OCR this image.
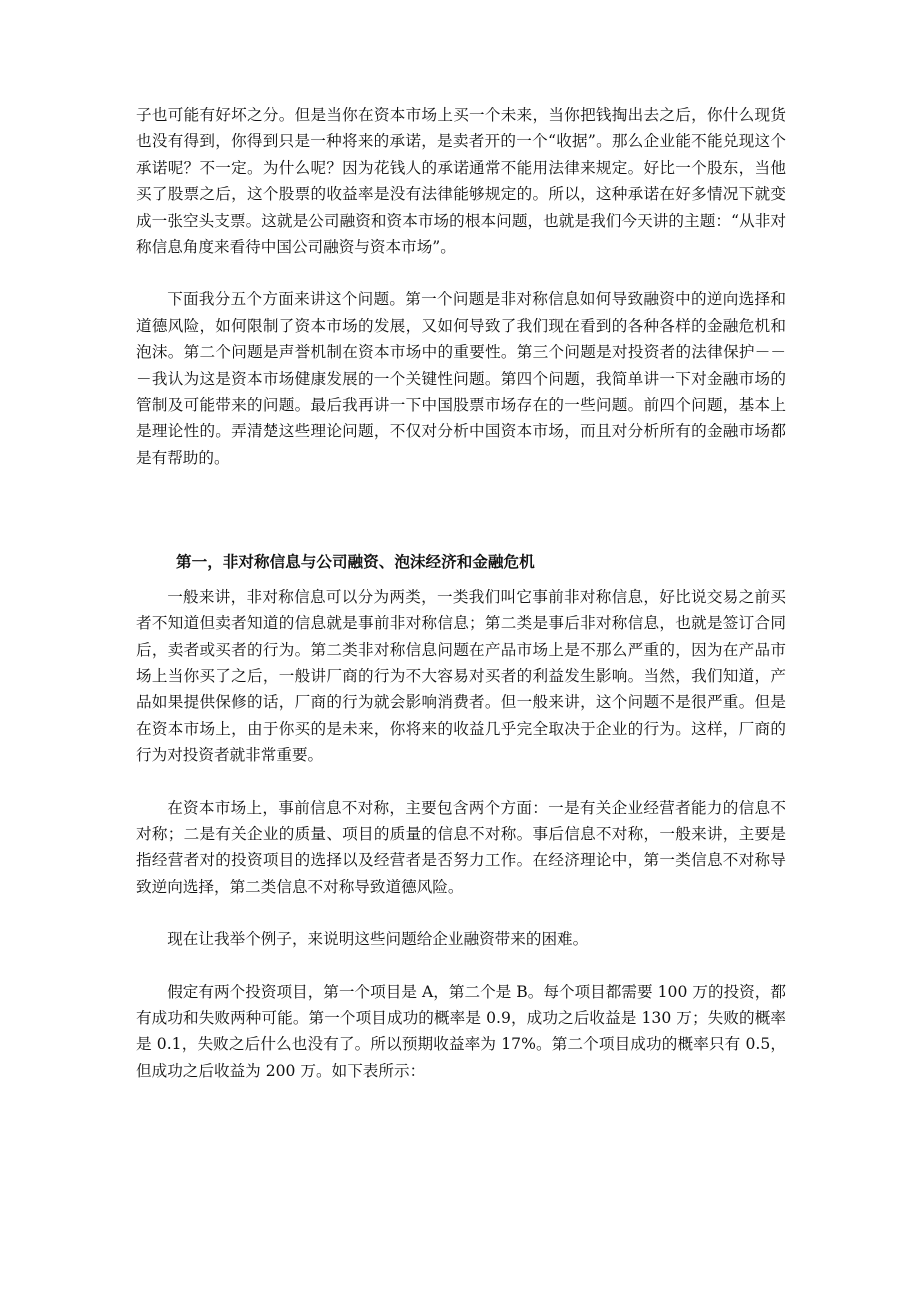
子也可能有好坏之分。但是当你在资本市场上买一个未来，当你把钱掏出去之后，你什么现货也没有得到，你得到只是一种将来的承诺，是卖者开的一个“收据”。那么企业能不能兑现这个承诺呢？不一定。为什么呢？因为花钱人的承诺通常不能用法律来规定。好比一个股东，当他买了股票之后，这个股票的收益率是没有法律能够规定的。所以，这种承诺在好多情况下就变成一张空头支票。这就是公司融资和资本市场的根本问题，也就是我们今天讲的主题：“从非对称信息角度来看待中国公司融资与资本市场”。

下面我分五个方面来讲这个问题。第一个问题是非对称信息如何导致融资中的逆向选择和道德风险，如何限制了资本市场的发展，又如何导致了我们现在看到的各种各样的金融危机和泡沫。第二个问题是声誉机制在资本市场中的重要性。第三个问题是对投资者的法律保护－－－我认为这是资本市场健康发展的一个关键性问题。第四个问题，我简单讲一下对金融市场的管制及可能带来的问题。最后我再讲一下中国股票市场存在的一些问题。前四个问题，基本上是理论性的。弄清楚这些理论问题，不仅对分析中国资本市场，而且对分析所有的金融市场都是有帮助的。

第一，非对称信息与公司融资、泡沫经济和金融危机

一般来讲，非对称信息可以分为两类，一类我们叫它事前非对称信息，好比说交易之前买者不知道但卖者知道的信息就是事前非对称信息；第二类是事后非对称信息，也就是签订合同后，卖者或买者的行为。第二类非对称信息问题在产品市场上是不那么严重的，因为在产品市场上当你买了之后，一般讲厂商的行为不大容易对买者的利益发生影响。当然，我们知道，产品如果提供保修的话，厂商的行为就会影响消费者。但一般来讲，这个问题不是很严重。但是在资本市场上，由于你买的是未来，你将来的收益几乎完全取决于企业的行为。这样，厂商的行为对投资者就非常重要。

在资本市场上，事前信息不对称，主要包含两个方面：一是有关企业经营者能力的信息不对称；二是有关企业的质量、项目的质量的信息不对称。事后信息不对称，一般来讲，主要是指经营者对的投资项目的选择以及经营者是否努力工作。在经济理论中，第一类信息不对称导致逆向选择，第二类信息不对称导致道德风险。

现在让我举个例子，来说明这些问题给企业融资带来的困难。

假定有两个投资项目，第一个项目是 A，第二个是 B。每个项目都需要 100 万的投资，都有成功和失败两种可能。第一个项目成功的概率是 0.9，成功之后收益是 130 万；失败的概率是 0.1，失败之后什么也没有了。所以预期收益率为 17%。第二个项目成功的概率只有 0.5，但成功之后收益为 200 万。如下表所示：
